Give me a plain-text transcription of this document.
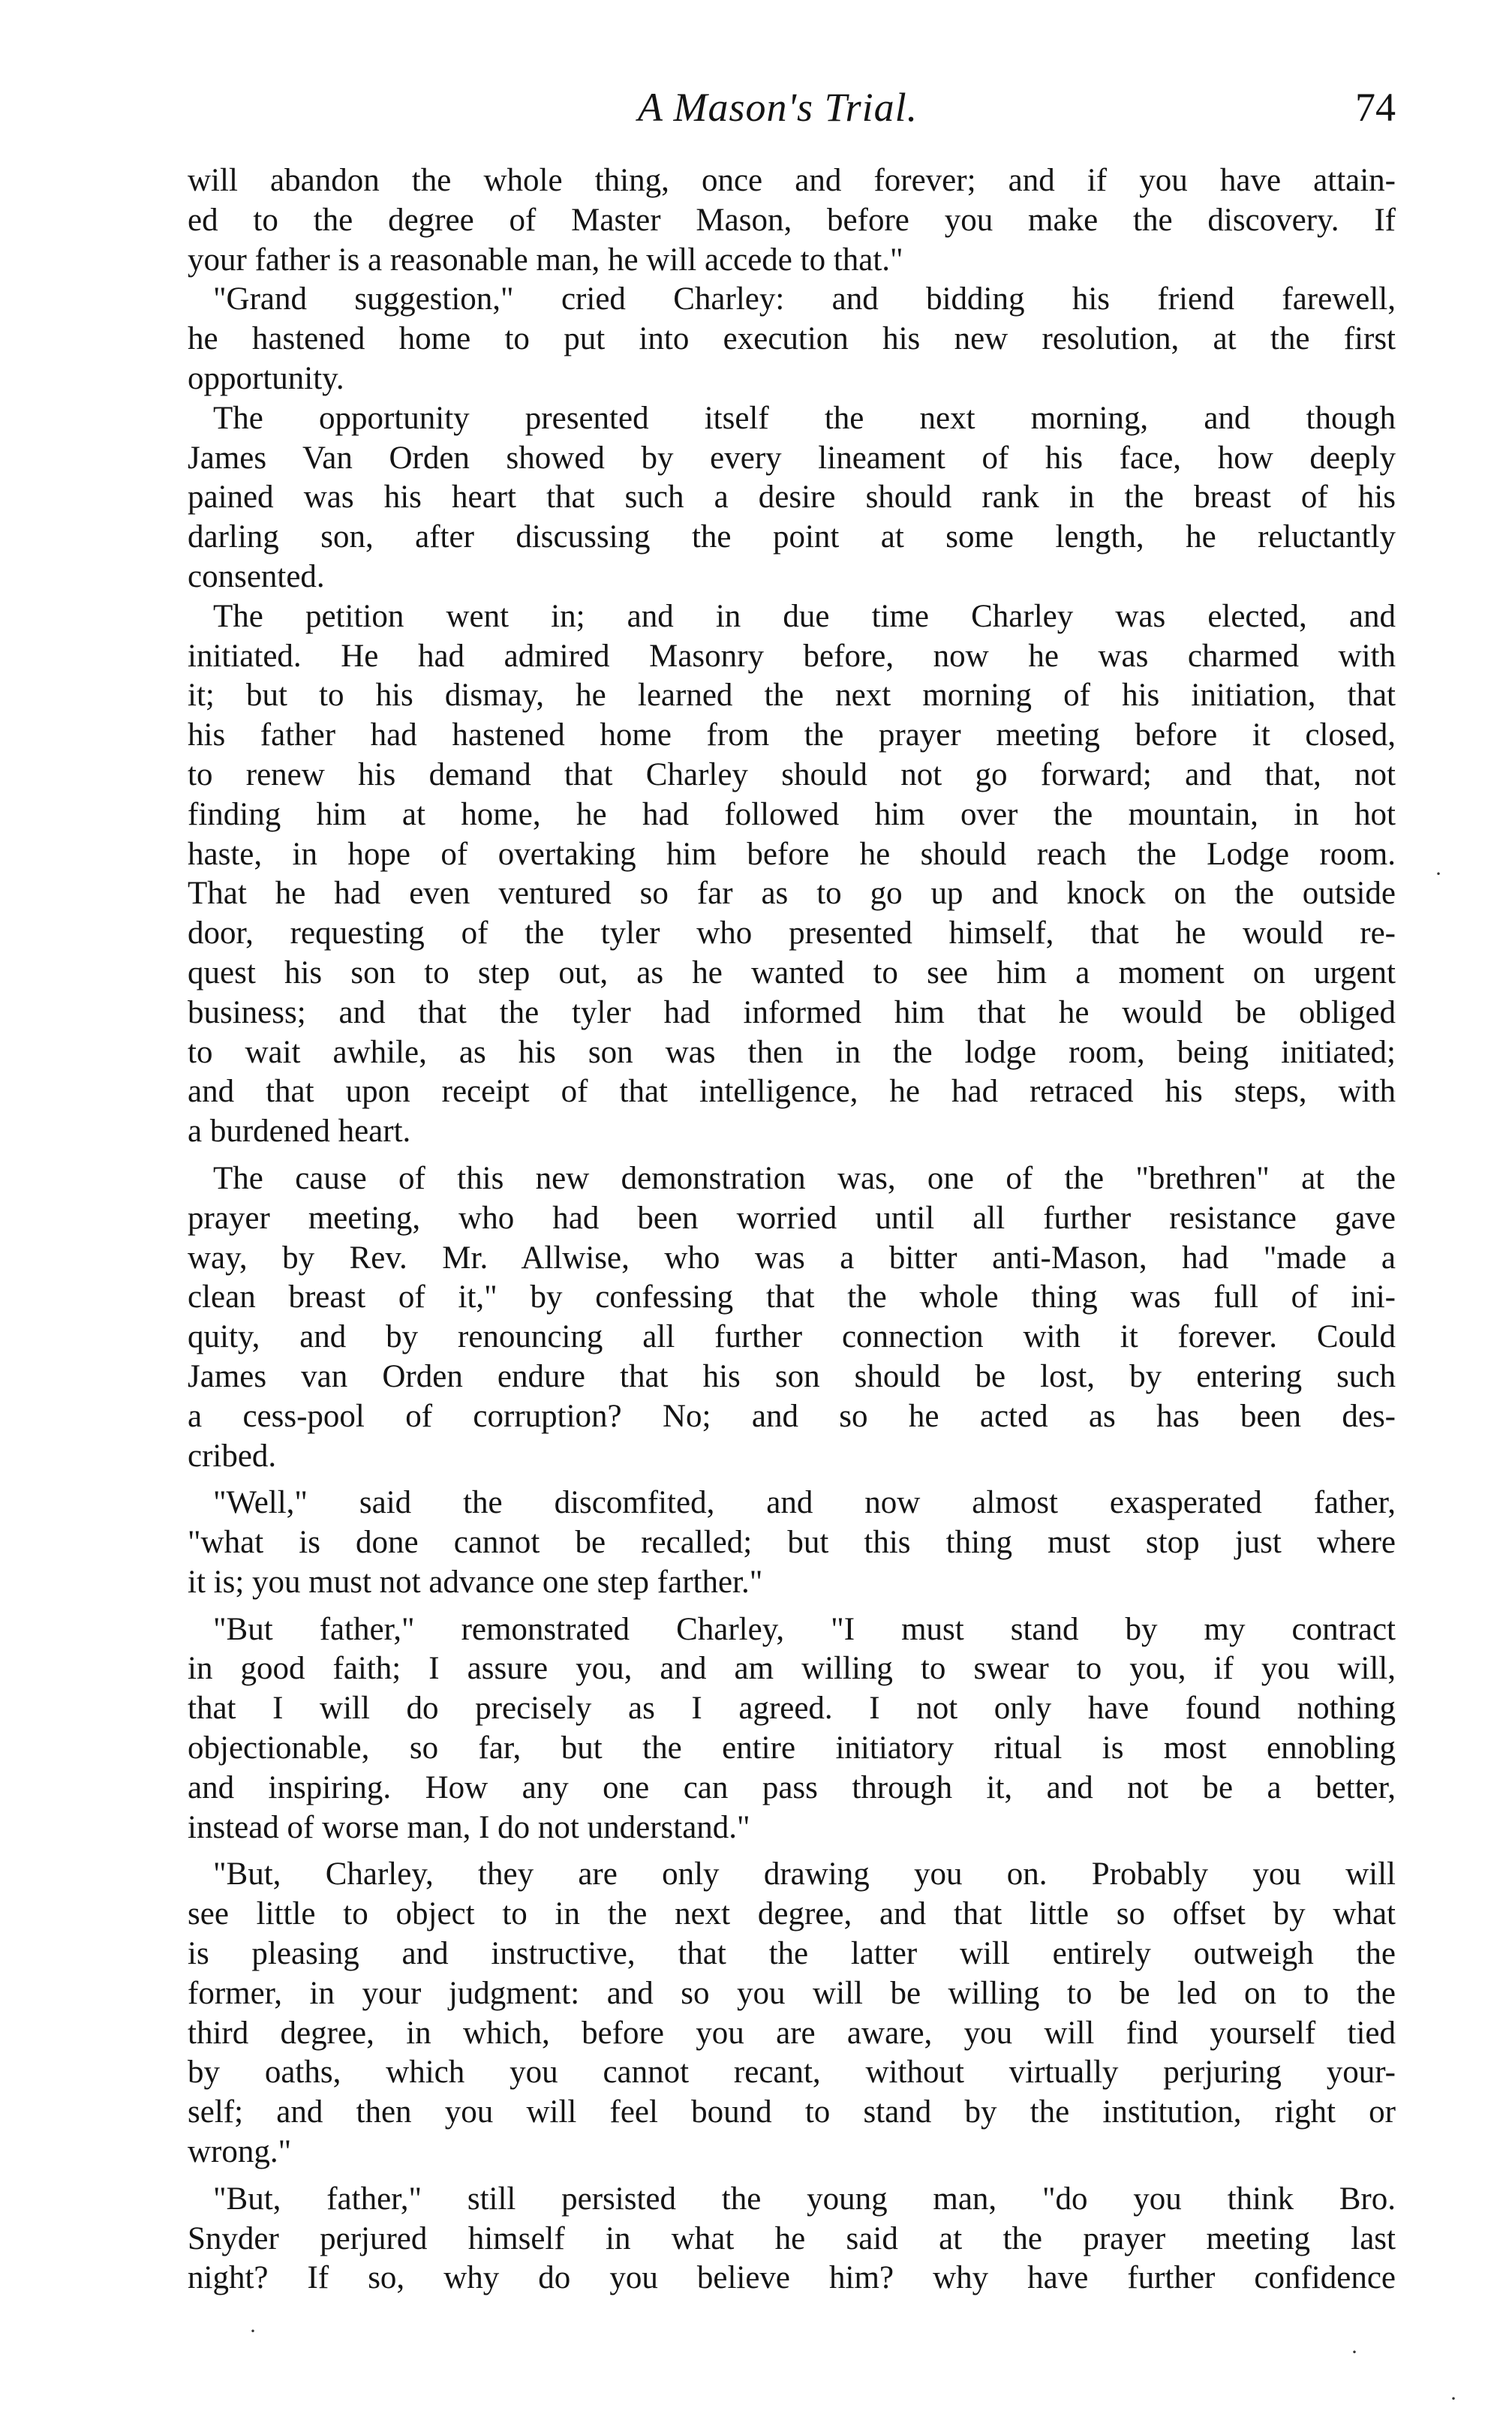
A Mason's Trial.	74
will abandon the whole thing, once and forever; and if you have attain-
ed to the degree of Master Mason, before you make the discovery. If
your father is a reasonable man, he will accede to that."
"Grand suggestion," cried Charley: and bidding his friend farewell,
he hastened home to put into execution his new resolution, at the first
opportunity.
The opportunity presented itself the next morning, and though
James Van Orden showed by every lineament of his face, how deeply
pained was his heart that such a desire should rank in the breast of his
darling son, after discussing the point at some length, he reluctantly
consented.
The petition went in; and in due time Charley was elected, and
initiated. He had admired Masonry before, now he was charmed with
it; but to his dismay, he learned the next morning of his initiation, that
his father had hastened home from the prayer meeting before it closed,
to renew his demand that Charley should not go forward; and that, not
finding him at home, he had followed him over the mountain, in hot
haste, in hope of overtaking him before he should reach the Lodge room.
That he had even ventured so far as to go up and knock on the outside
door, requesting of the tyler who presented himself, that he would re-
quest his son to step out, as he wanted to see him a moment on urgent
business; and that the tyler had informed him that he would be obliged
to wait awhile, as his son was then in the lodge room, being initiated;
and that upon receipt of that intelligence, he had retraced his steps, with
a burdened heart.
The cause of this new demonstration was, one of the "brethren" at the
prayer meeting, who had been worried until all further resistance gave
way, by Rev. Mr. Allwise, who was a bitter anti-Mason, had "made a
clean breast of it," by confessing that the whole thing was full of ini-
quity, and by renouncing all further connection with it forever. Could
James van Orden endure that his son should be lost, by entering such
a cess-pool of corruption? No; and so he acted as has been des-
cribed.
"Well," said the discomfited, and now almost exasperated father,
"what is done cannot be recalled; but this thing must stop just where
it is; you must not advance one step farther."
"But father," remonstrated Charley, "I must stand by my contract
in good faith; I assure you, and am willing to swear to you, if you will,
that I will do precisely as I agreed. I not only have found nothing
objectionable, so far, but the entire initiatory ritual is most ennobling
and inspiring. How any one can pass through it, and not be a better,
instead of worse man, I do not understand."
"But, Charley, they are only drawing you on. Probably you will
see little to object to in the next degree, and that little so offset by what
is pleasing and instructive, that the latter will entirely outweigh the
former, in your judgment: and so you will be willing to be led on to the
third degree, in which, before you are aware, you will find yourself tied
by oaths, which you cannot recant, without virtually perjuring your-
self; and then you will feel bound to stand by the institution, right or
wrong."
"But, father," still persisted the young man, "do you think Bro.
Snyder perjured himself in what he said at the prayer meeting last
night? If so, why do you believe him? why have further confidence
·
·
·
·
